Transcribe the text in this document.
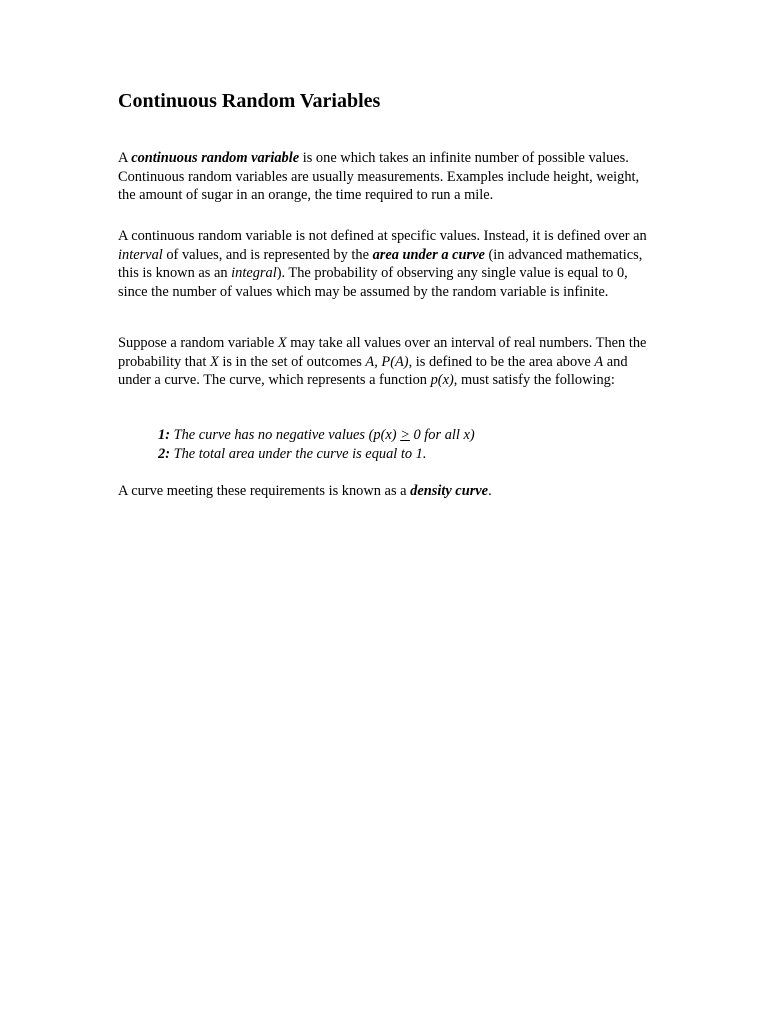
Continuous Random Variables

A continuous random variable is one which takes an infinite number of possible values. Continuous random variables are usually measurements. Examples include height, weight, the amount of sugar in an orange, the time required to run a mile.

A continuous random variable is not defined at specific values. Instead, it is defined over an interval of values, and is represented by the area under a curve (in advanced mathematics, this is known as an integral). The probability of observing any single value is equal to 0, since the number of values which may be assumed by the random variable is infinite.

Suppose a random variable X may take all values over an interval of real numbers. Then the probability that X is in the set of outcomes A, P(A), is defined to be the area above A and under a curve. The curve, which represents a function p(x), must satisfy the following:

1: The curve has no negative values (p(x) ≥ 0 for all x)
2: The total area under the curve is equal to 1.

A curve meeting these requirements is known as a density curve.
